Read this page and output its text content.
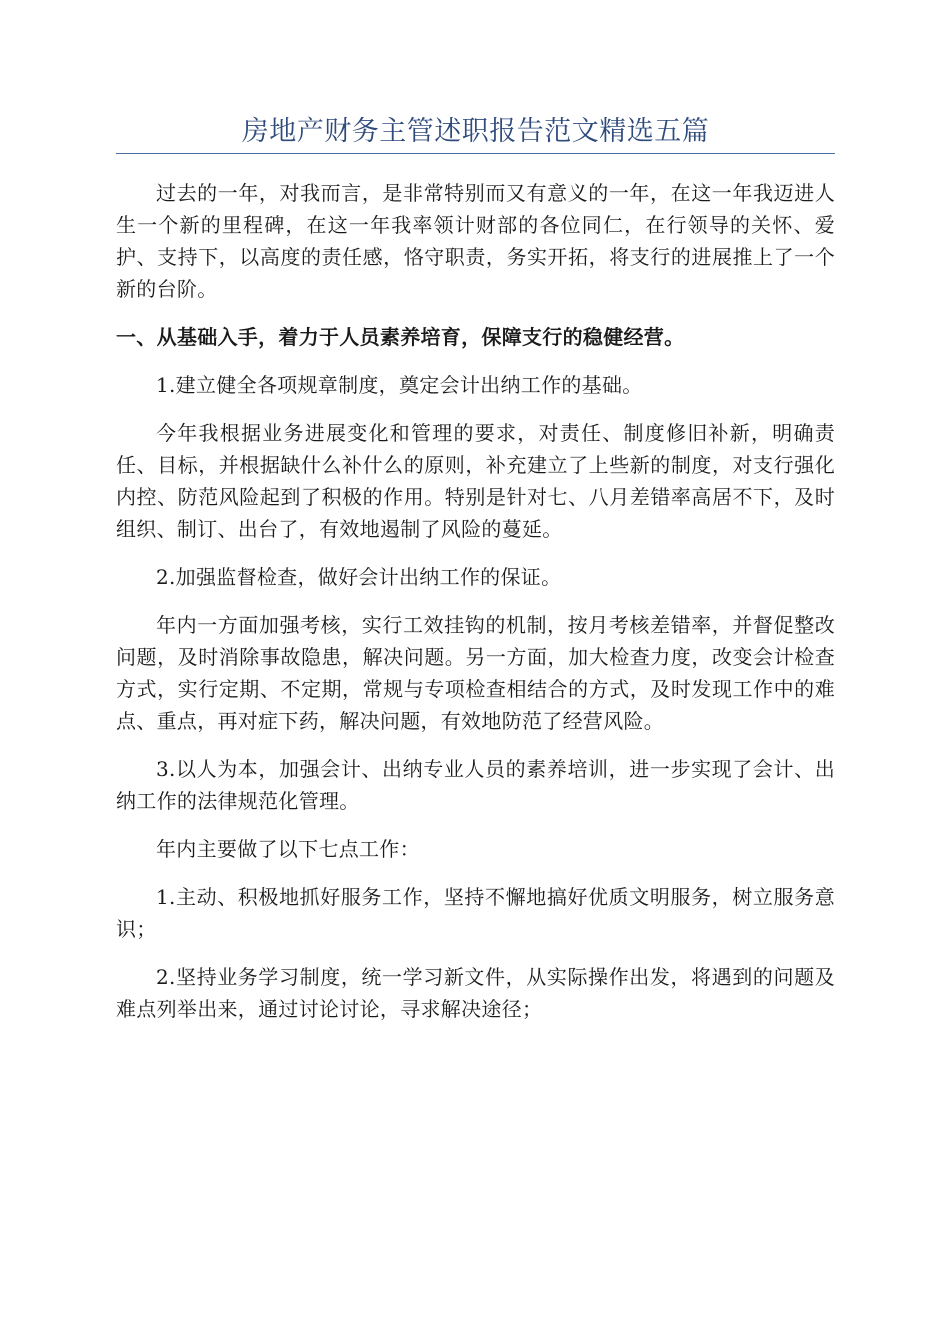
房地产财务主管述职报告范文精选五篇

过去的一年，对我而言，是非常特别而又有意义的一年，在这一年我迈进人生一个新的里程碑，在这一年我率领计财部的各位同仁，在行领导的关怀、爱护、支持下，以高度的责任感，恪守职责，务实开拓，将支行的进展推上了一个新的台阶。

一、从基础入手，着力于人员素养培育，保障支行的稳健经营。

1.建立健全各项规章制度，奠定会计出纳工作的基础。

今年我根据业务进展变化和管理的要求，对责任、制度修旧补新，明确责任、目标，并根据缺什么补什么的原则，补充建立了上些新的制度，对支行强化内控、防范风险起到了积极的作用。特别是针对七、八月差错率高居不下，及时组织、制订、出台了，有效地遏制了风险的蔓延。

2.加强监督检查，做好会计出纳工作的保证。

年内一方面加强考核，实行工效挂钩的机制，按月考核差错率，并督促整改问题，及时消除事故隐患，解决问题。另一方面，加大检查力度，改变会计检查方式，实行定期、不定期，常规与专项检查相结合的方式，及时发现工作中的难点、重点，再对症下药，解决问题，有效地防范了经营风险。

3.以人为本，加强会计、出纳专业人员的素养培训，进一步实现了会计、出纳工作的法律规范化管理。

年内主要做了以下七点工作：

1.主动、积极地抓好服务工作，坚持不懈地搞好优质文明服务，树立服务意识；

2.坚持业务学习制度，统一学习新文件，从实际操作出发，将遇到的问题及难点列举出来，通过讨论讨论，寻求解决途径；
